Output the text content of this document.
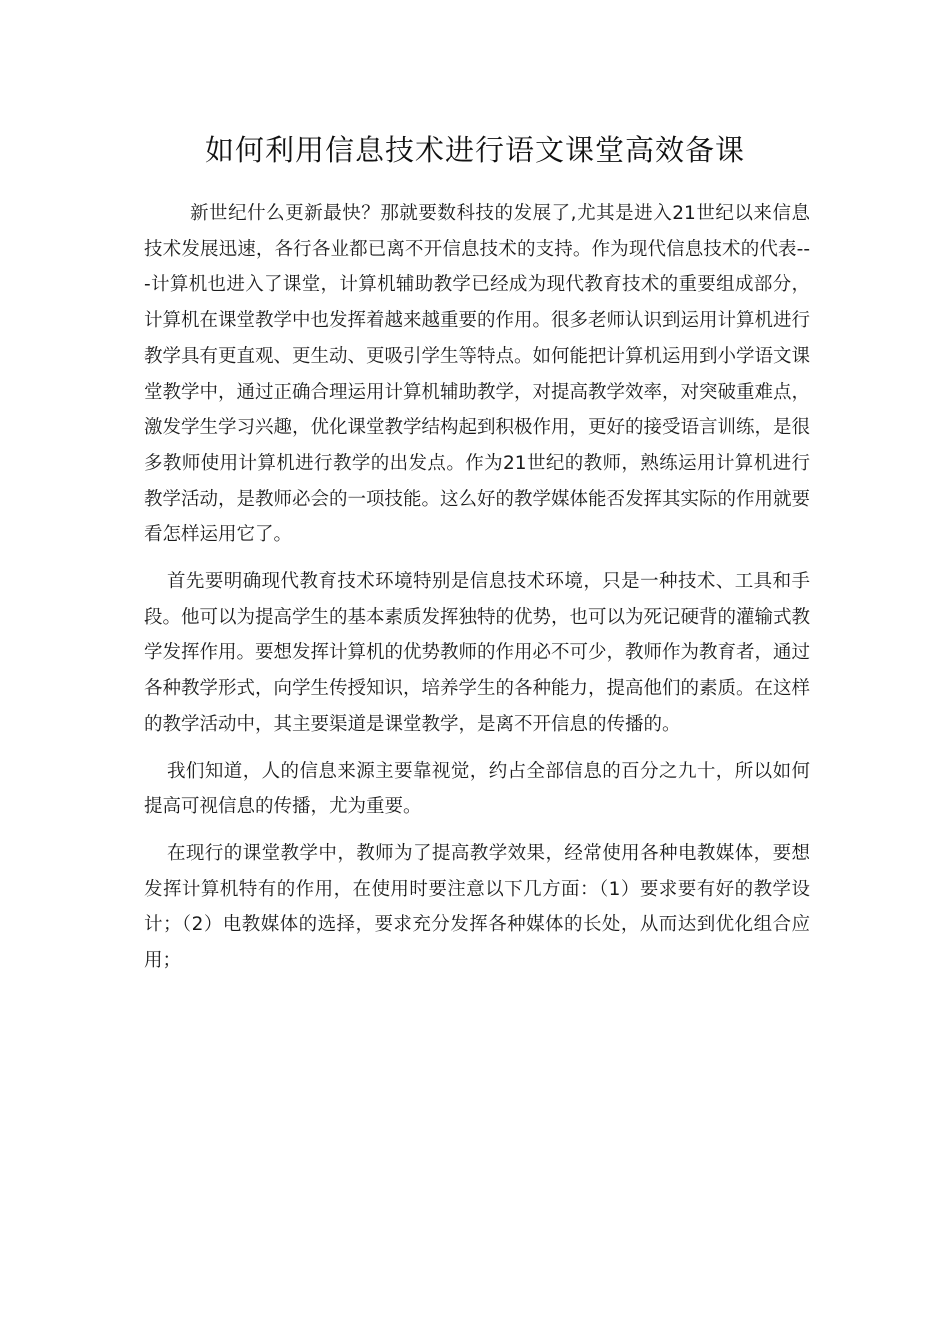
如何利用信息技术进行语文课堂高效备课

新世纪什么更新最快？那就要数科技的发展了,尤其是进入21世纪以来信息技术发展迅速，各行各业都已离不开信息技术的支持。作为现代信息技术的代表---计算机也进入了课堂，计算机辅助教学已经成为现代教育技术的重要组成部分，计算机在课堂教学中也发挥着越来越重要的作用。很多老师认识到运用计算机进行教学具有更直观、更生动、更吸引学生等特点。如何能把计算机运用到小学语文课堂教学中，通过正确合理运用计算机辅助教学，对提高教学效率，对突破重难点，激发学生学习兴趣，优化课堂教学结构起到积极作用，更好的接受语言训练，是很多教师使用计算机进行教学的出发点。作为21世纪的教师，熟练运用计算机进行教学活动，是教师必会的一项技能。这么好的教学媒体能否发挥其实际的作用就要看怎样运用它了。

首先要明确现代教育技术环境特别是信息技术环境，只是一种技术、工具和手段。他可以为提高学生的基本素质发挥独特的优势，也可以为死记硬背的灌输式教学发挥作用。要想发挥计算机的优势教师的作用必不可少，教师作为教育者，通过各种教学形式，向学生传授知识，培养学生的各种能力，提高他们的素质。在这样的教学活动中，其主要渠道是课堂教学，是离不开信息的传播的。

我们知道，人的信息来源主要靠视觉，约占全部信息的百分之九十，所以如何提高可视信息的传播，尤为重要。

在现行的课堂教学中，教师为了提高教学效果，经常使用各种电教媒体，要想发挥计算机特有的作用，在使用时要注意以下几方面：（1）要求要有好的教学设计；（2）电教媒体的选择，要求充分发挥各种媒体的长处，从而达到优化组合应用；
